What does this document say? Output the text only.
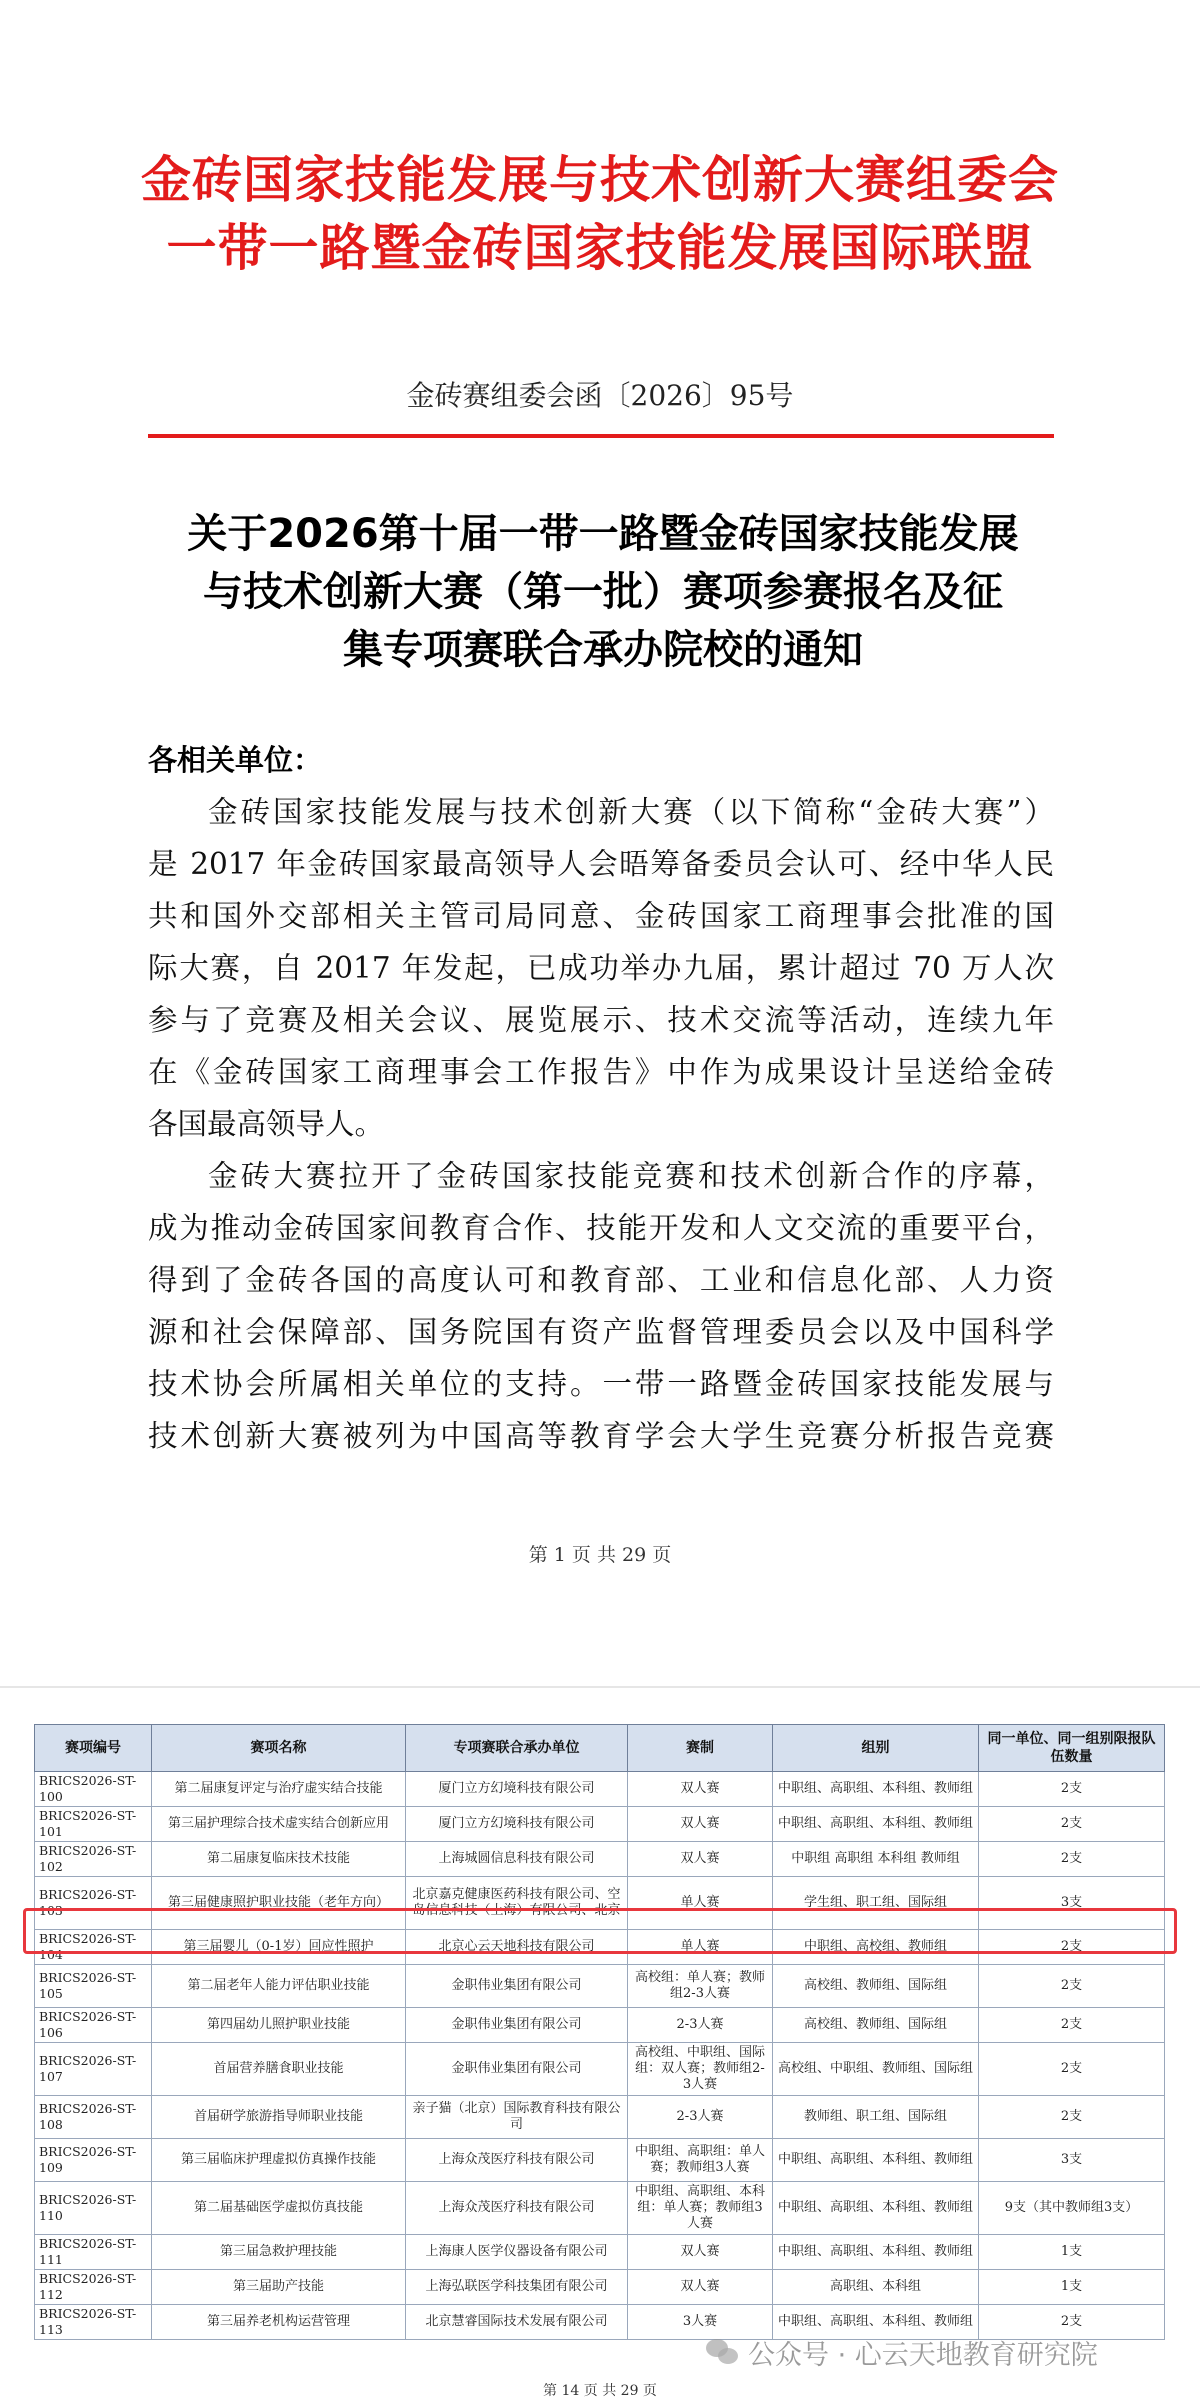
金砖国家技能发展与技术创新大赛组委会
一带一路暨金砖国家技能发展国际联盟
金砖赛组委会函〔2026〕95号
关于2026第十届一带一路暨金砖国家技能发展
与技术创新大赛（第一批）赛项参赛报名及征
集专项赛联合承办院校的通知
各相关单位：
金砖国家技能发展与技术创新大赛（以下简称“金砖大赛”）
是 2017 年金砖国家最高领导人会晤筹备委员会认可、经中华人民
共和国外交部相关主管司局同意、金砖国家工商理事会批准的国
际大赛，自 2017 年发起，已成功举办九届，累计超过 70 万人次
参与了竞赛及相关会议、展览展示、技术交流等活动，连续九年
在《金砖国家工商理事会工作报告》中作为成果设计呈送给金砖
各国最高领导人。
金砖大赛拉开了金砖国家技能竞赛和技术创新合作的序幕，
成为推动金砖国家间教育合作、技能开发和人文交流的重要平台，
得到了金砖各国的高度认可和教育部、工业和信息化部、人力资
源和社会保障部、国务院国有资产监督管理委员会以及中国科学
技术协会所属相关单位的支持。一带一路暨金砖国家技能发展与
技术创新大赛被列为中国高等教育学会大学生竞赛分析报告竞赛
第 1 页 共 29 页
赛项编号	赛项名称	专项赛联合承办单位	赛制	组别	同一单位、同一组别限报队伍数量
BRICS2026-ST-100	第二届康复评定与治疗虚实结合技能	厦门立方幻境科技有限公司	双人赛	中职组、高职组、本科组、教师组	2支
BRICS2026-ST-101	第三届护理综合技术虚实结合创新应用	厦门立方幻境科技有限公司	双人赛	中职组、高职组、本科组、教师组	2支
BRICS2026-ST-102	第二届康复临床技术技能	上海城圆信息科技有限公司	双人赛	中职组 高职组 本科组 教师组	2支
BRICS2026-ST-103	第三届健康照护职业技能（老年方向）	北京嘉克健康医药科技有限公司、空岛信息科技（上海）有限公司、北京	单人赛	学生组、职工组、国际组	3支
BRICS2026-ST-104	第三届婴儿（0-1岁）回应性照护	北京心云天地科技有限公司	单人赛	中职组、高校组、教师组	2支
BRICS2026-ST-105	第二届老年人能力评估职业技能	金职伟业集团有限公司	高校组：单人赛；教师组2-3人赛	高校组、教师组、国际组	2支
BRICS2026-ST-106	第四届幼儿照护职业技能	金职伟业集团有限公司	2-3人赛	高校组、教师组、国际组	2支
BRICS2026-ST-107	首届营养膳食职业技能	金职伟业集团有限公司	高校组、中职组、国际组：双人赛；教师组2-3人赛	高校组、中职组、教师组、国际组	2支
BRICS2026-ST-108	首届研学旅游指导师职业技能	亲子猫（北京）国际教育科技有限公司	2-3人赛	教师组、职工组、国际组	2支
BRICS2026-ST-109	第三届临床护理虚拟仿真操作技能	上海众茂医疗科技有限公司	中职组、高职组：单人赛；教师组3人赛	中职组、高职组、本科组、教师组	3支
BRICS2026-ST-110	第二届基础医学虚拟仿真技能	上海众茂医疗科技有限公司	中职组、高职组、本科组：单人赛；教师组3人赛	中职组、高职组、本科组、教师组	9支（其中教师组3支）
BRICS2026-ST-111	第三届急救护理技能	上海康人医学仪器设备有限公司	双人赛	中职组、高职组、本科组、教师组	1支
BRICS2026-ST-112	第三届助产技能	上海弘联医学科技集团有限公司	双人赛	高职组、本科组	1支
BRICS2026-ST-113	第三届养老机构运营管理	北京慧睿国际技术发展有限公司	3人赛	中职组、高职组、本科组、教师组	2支
公众号 · 心云天地教育研究院
第 14 页 共 29 页
